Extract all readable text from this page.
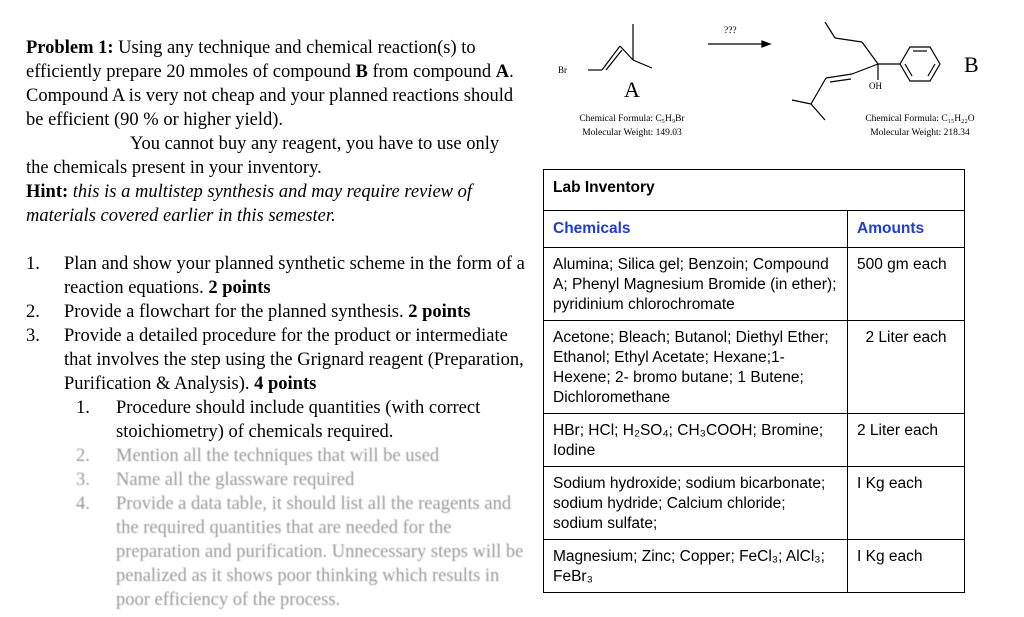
Problem 1: Using any technique and chemical reaction(s) to efficiently prepare 20 mmoles of compound B from compound A. Compound A is very not cheap and your planned reactions should be efficient (90 % or higher yield).

You cannot buy any reagent, you have to use only the chemicals present in your inventory.

Hint: this is a multistep synthesis and may require review of materials covered earlier in this semester.

1. Plan and show your planned synthetic scheme in the form of a reaction equations. 2 points
2. Provide a flowchart for the planned synthesis. 2 points
3. Provide a detailed procedure for the product or intermediate that involves the step using the Grignard reagent (Preparation, Purification & Analysis). 4 points
1. Procedure should include quantities (with correct stoichiometry) of chemicals required.
2. Mention all the techniques that will be used
3. Name all the glassware required
4. Provide a data table, it should list all the reagents and the required quantities that are needed for the preparation and purification. Unnecessary steps will be penalized as it shows poor thinking which results in poor efficiency of the process.
Br
???
A
B
OH
Chemical Formula: C₅H₉Br
Molecular Weight: 149.03
Chemical Formula: C₁₅H₂₂O
Molecular Weight: 218.34
Lab Inventory	
Chemicals	Amounts
Alumina; Silica gel; Benzoin; Compound A; Phenyl Magnesium Bromide (in ether); pyridinium chlorochromate	500 gm each
Acetone; Bleach; Butanol; Diethyl Ether; Ethanol; Ethyl Acetate; Hexane;1-Hexene; 2- bromo butane; 1 Butene; Dichloromethane	2 Liter each
HBr; HCl; H₂SO₄; CH₃COOH; Bromine; Iodine	2 Liter each
Sodium hydroxide; sodium bicarbonate; sodium hydride; Calcium chloride; sodium sulfate;	I Kg each
Magnesium; Zinc; Copper; FeCl₃; AlCl₃; FeBr₃	I Kg each
